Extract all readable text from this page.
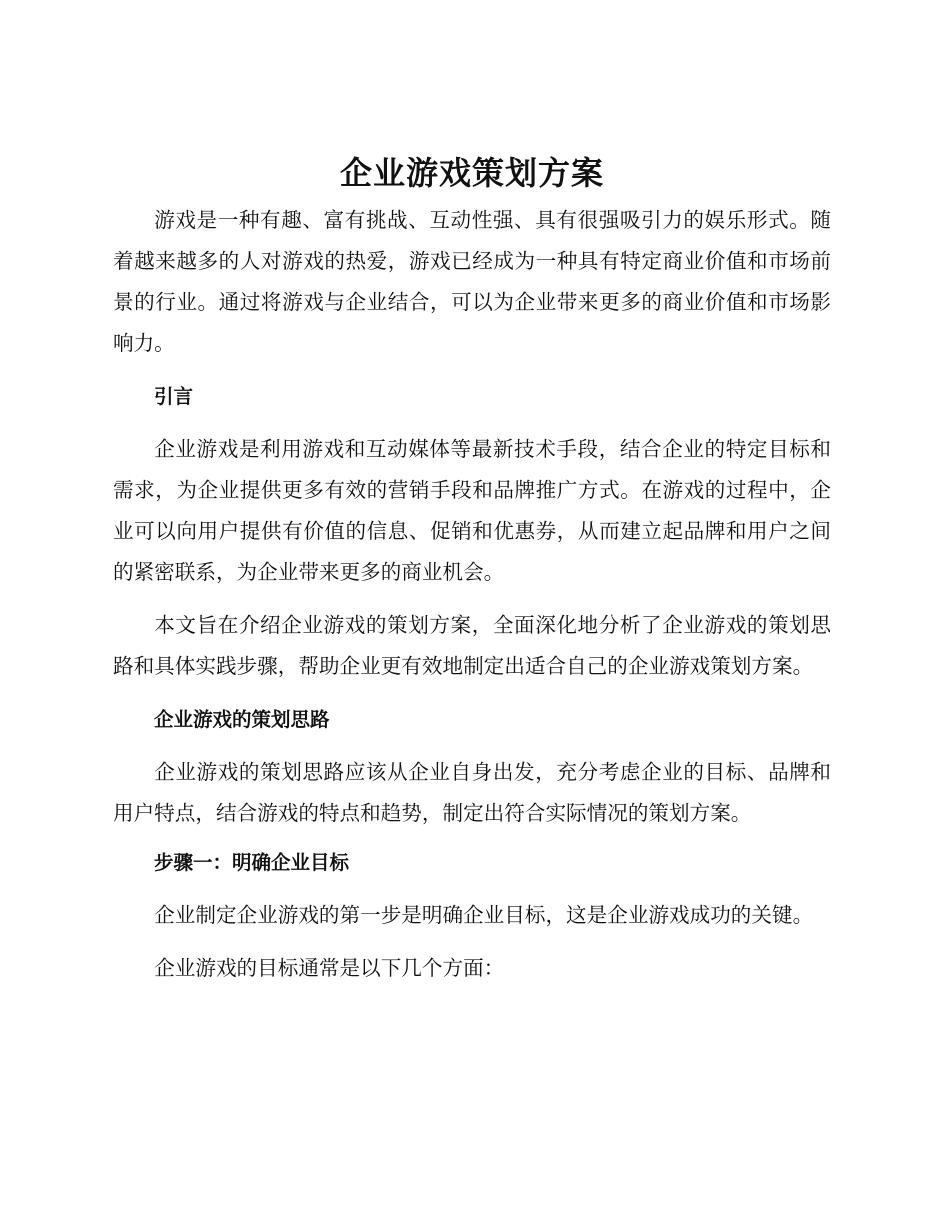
企业游戏策划方案

游戏是一种有趣、富有挑战、互动性强、具有很强吸引力的娱乐形式。随着越来越多的人对游戏的热爱，游戏已经成为一种具有特定商业价值和市场前景的行业。通过将游戏与企业结合，可以为企业带来更多的商业价值和市场影响力。

引言

企业游戏是利用游戏和互动媒体等最新技术手段，结合企业的特定目标和需求，为企业提供更多有效的营销手段和品牌推广方式。在游戏的过程中，企业可以向用户提供有价值的信息、促销和优惠券，从而建立起品牌和用户之间的紧密联系，为企业带来更多的商业机会。

本文旨在介绍企业游戏的策划方案，全面深化地分析了企业游戏的策划思路和具体实践步骤，帮助企业更有效地制定出适合自己的企业游戏策划方案。

企业游戏的策划思路

企业游戏的策划思路应该从企业自身出发，充分考虑企业的目标、品牌和用户特点，结合游戏的特点和趋势，制定出符合实际情况的策划方案。

步骤一：明确企业目标

企业制定企业游戏的第一步是明确企业目标，这是企业游戏成功的关键。

企业游戏的目标通常是以下几个方面：
